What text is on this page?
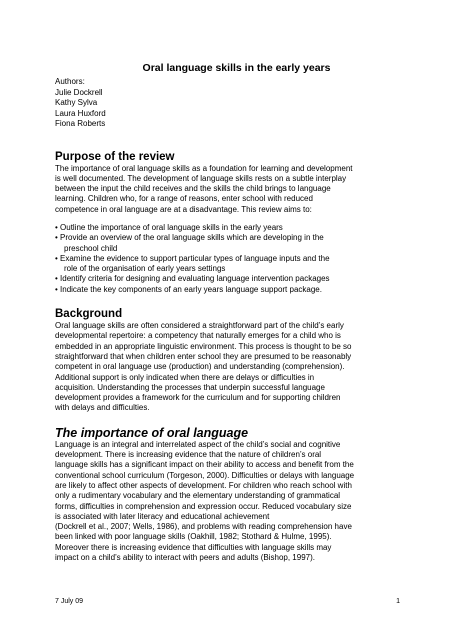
Oral language skills in the early years
Authors:
Julie Dockrell
Kathy Sylva
Laura Huxford
Fiona Roberts
Purpose of the review

The importance of oral language skills as a foundation for learning and development
is well documented. The development of language skills rests on a subtle interplay
between the input the child receives and the skills the child brings to language
learning. Children who, for a range of reasons, enter school with reduced
competence in oral language are at a disadvantage. This review aims to:

• Outline the importance of oral language skills in the early years
• Provide an overview of the oral language skills which are developing in the
preschool child
• Examine the evidence to support particular types of language inputs and the
role of the organisation of early years settings
• Identify criteria for designing and evaluating language intervention packages
• Indicate the key components of an early years language support package.
Background

Oral language skills are often considered a straightforward part of the child’s early
developmental repertoire: a competency that naturally emerges for a child who is
embedded in an appropriate linguistic environment. This process is thought to be so
straightforward that when children enter school they are presumed to be reasonably
competent in oral language use (production) and understanding (comprehension).
Additional support is only indicated when there are delays or difficulties in
acquisition. Understanding the processes that underpin successful language
development provides a framework for the curriculum and for supporting children
with delays and difficulties.

The importance of oral language

Language is an integral and interrelated aspect of the child’s social and cognitive
development. There is increasing evidence that the nature of children’s oral
language skills has a significant impact on their ability to access and benefit from the
conventional school curriculum (Torgeson, 2000). Difficulties or delays with language
are likely to affect other aspects of development. For children who reach school with
only a rudimentary vocabulary and the elementary understanding of grammatical
forms, difficulties in comprehension and expression occur. Reduced vocabulary size
is associated with later literacy and educational achievement
(Dockrell et al., 2007; Wells, 1986), and problems with reading comprehension have
been linked with poor language skills (Oakhill, 1982; Stothard & Hulme, 1995).
Moreover there is increasing evidence that difficulties with language skills may
impact on a child’s ability to interact with peers and adults (Bishop, 1997).

7 July 09	1
